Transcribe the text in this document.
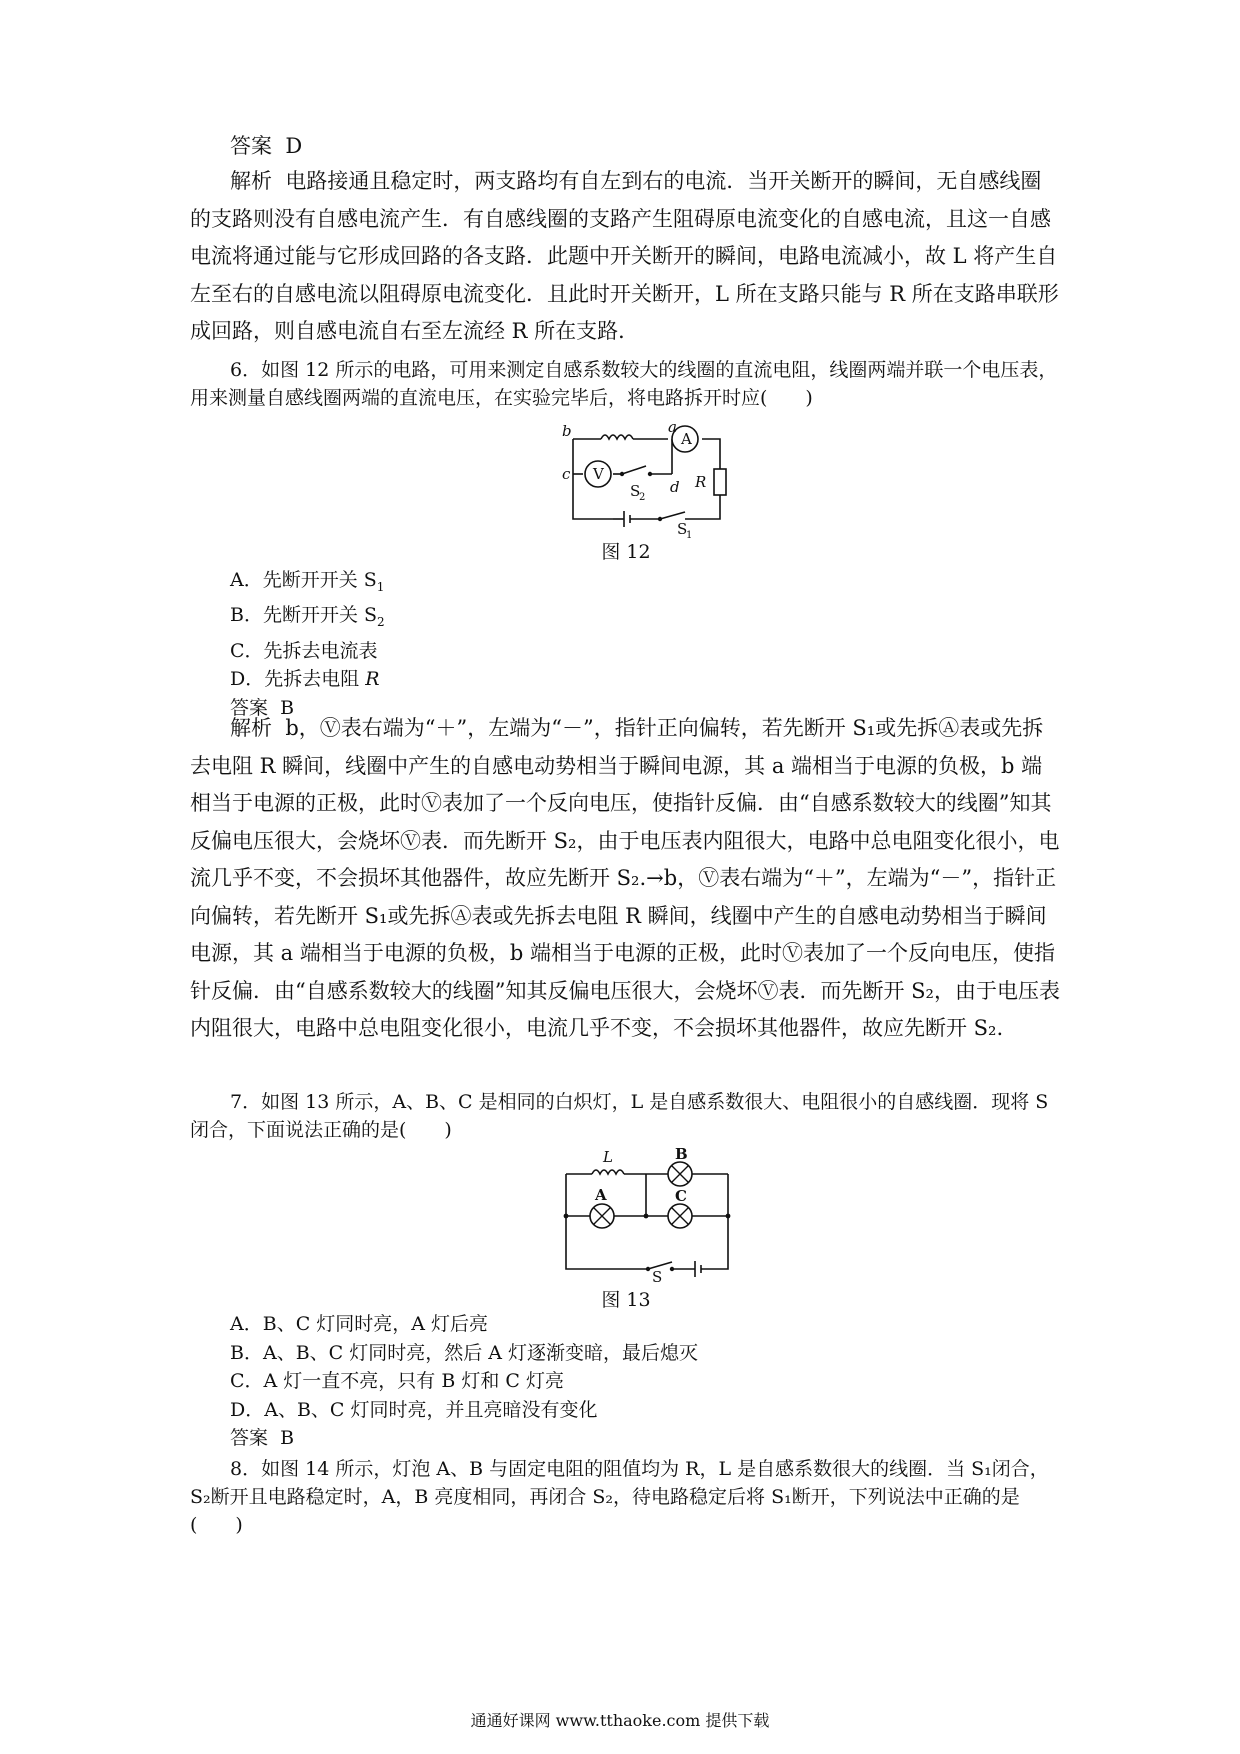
答案 D

解析 电路接通且稳定时，两支路均有自左到右的电流．当开关断开的瞬间，无自感线圈的支路则没有自感电流产生．有自感线圈的支路产生阻碍原电流变化的自感电流，且这一自感电流将通过能与它形成回路的各支路．此题中开关断开的瞬间，电路电流减小，故 L 将产生自左至右的自感电流以阻碍原电流变化．且此时开关断开，L 所在支路只能与 R 所在支路串联形成回路，则自感电流自右至左流经 R 所在支路．

6．如图 12 所示的电路，可用来测定自感系数较大的线圈的直流电阻，线圈两端并联一个电压表，用来测量自感线圈两端的直流电压，在实验完毕后，将电路拆开时应(　　)

A
V
b	a
c
d
S
2
R
S
1

图 12

A．先断开开关 $S_1$

B．先断开开关 $S_2$

C．先拆去电流表

D．先拆去电阻 R

答案 B

解析 b，Ⓥ表右端为“＋”，左端为“－”，指针正向偏转，若先断开 S₁或先拆Ⓐ表或先拆去电阻 R 瞬间，线圈中产生的自感电动势相当于瞬间电源，其 a 端相当于电源的负极，b 端相当于电源的正极，此时Ⓥ表加了一个反向电压，使指针反偏．由“自感系数较大的线圈”知其反偏电压很大，会烧坏Ⓥ表．而先断开 S₂，由于电压表内阻很大，电路中总电阻变化很小，电流几乎不变，不会损坏其他器件，故应先断开 S₂.→b，Ⓥ表右端为“＋”，左端为“－”，指针正向偏转，若先断开 S₁或先拆Ⓐ表或先拆去电阻 R 瞬间，线圈中产生的自感电动势相当于瞬间电源，其 a 端相当于电源的负极，b 端相当于电源的正极，此时Ⓥ表加了一个反向电压，使指针反偏．由“自感系数较大的线圈”知其反偏电压很大，会烧坏Ⓥ表．而先断开 S₂，由于电压表内阻很大，电路中总电阻变化很小，电流几乎不变，不会损坏其他器件，故应先断开 S₂.

7．如图 13 所示，A、B、C 是相同的白炽灯，L 是自感系数很大、电阻很小的自感线圈．现将 S 闭合，下面说法正确的是(　　)

L	B
A	C
S

图 13

A．B、C 灯同时亮，A 灯后亮

B．A、B、C 灯同时亮，然后 A 灯逐渐变暗，最后熄灭

C．A 灯一直不亮，只有 B 灯和 C 灯亮

D．A、B、C 灯同时亮，并且亮暗没有变化

答案 B

8．如图 14 所示，灯泡 A、B 与固定电阻的阻值均为 R，L 是自感系数很大的线圈．当 S₁闭合，S₂断开且电路稳定时，A，B 亮度相同，再闭合 S₂，待电路稳定后将 S₁断开，下列说法中正确的是(　　)

通通好课网 www.tthaoke.com 提供下载
